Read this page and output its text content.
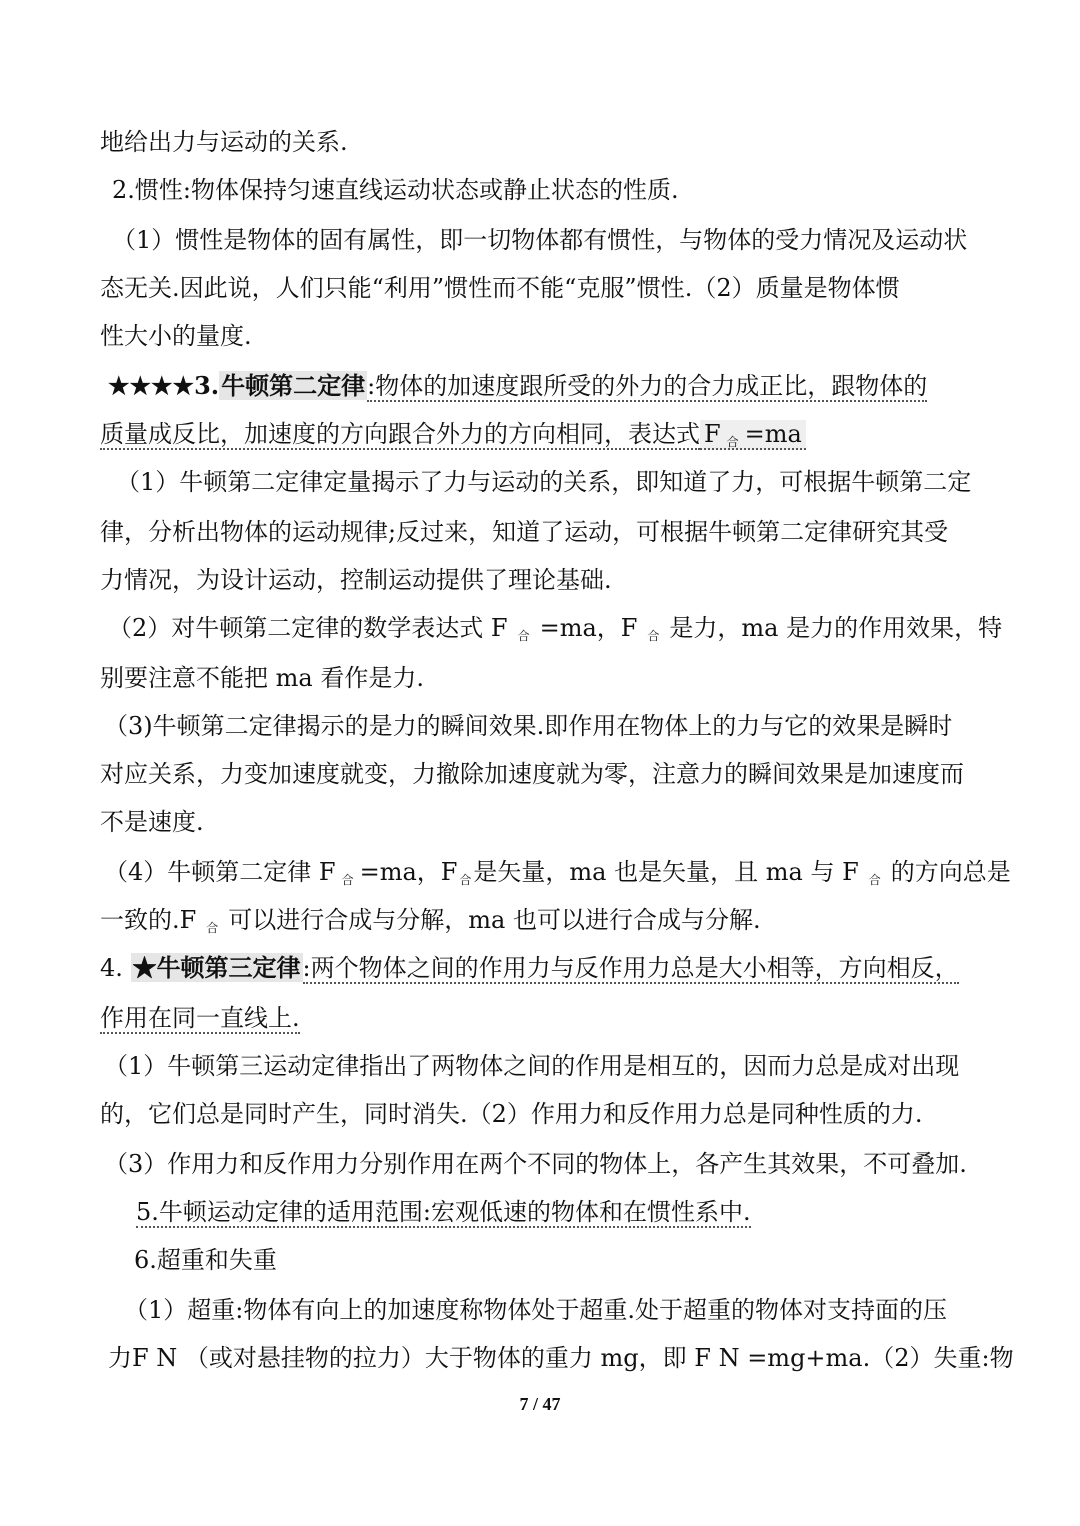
地给出力与运动的关系.
2.惯性:物体保持匀速直线运动状态或静止状态的性质.
（1）惯性是物体的固有属性，即一切物体都有惯性，与物体的受力情况及运动状
态无关.因此说，人们只能“利用”惯性而不能“克服”惯性.（2）质量是物体惯
性大小的量度.
★★★★3.牛顿第二定律:物体的加速度跟所受的外力的合力成正比，跟物体的
质量成反比，加速度的方向跟合外力的方向相同，表达式 F $_合$ =ma
（1）牛顿第二定律定量揭示了力与运动的关系，即知道了力，可根据牛顿第二定
律，分析出物体的运动规律;反过来，知道了运动，可根据牛顿第二定律研究其受
力情况，为设计运动，控制运动提供了理论基础.
（2）对牛顿第二定律的数学表达式 F $_合$ =ma，F $_合$ 是力，ma 是力的作用效果，特
别要注意不能把 ma 看作是力.
（3)牛顿第二定律揭示的是力的瞬间效果.即作用在物体上的力与它的效果是瞬时
对应关系，力变加速度就变，力撤除加速度就为零，注意力的瞬间效果是加速度而
不是速度.
（4）牛顿第二定律 F $_合$ =ma，F $_合$是矢量，ma 也是矢量，且 ma 与 F $_合$ 的方向总是
一致的.F $_合$ 可以进行合成与分解，ma 也可以进行合成与分解.
4. ★牛顿第三定律:两个物体之间的作用力与反作用力总是大小相等，方向相反，
作用在同一直线上.
（1）牛顿第三运动定律指出了两物体之间的作用是相互的，因而力总是成对出现
的，它们总是同时产生，同时消失.（2）作用力和反作用力总是同种性质的力.
（3）作用力和反作用力分别作用在两个不同的物体上，各产生其效果，不可叠加.
5.牛顿运动定律的适用范围:宏观低速的物体和在惯性系中.
6.超重和失重
（1）超重:物体有向上的加速度称物体处于超重.处于超重的物体对支持面的压
力F N （或对悬挂物的拉力）大于物体的重力 mg，即 F N =mg+ma.（2）失重:物
7 / 47
